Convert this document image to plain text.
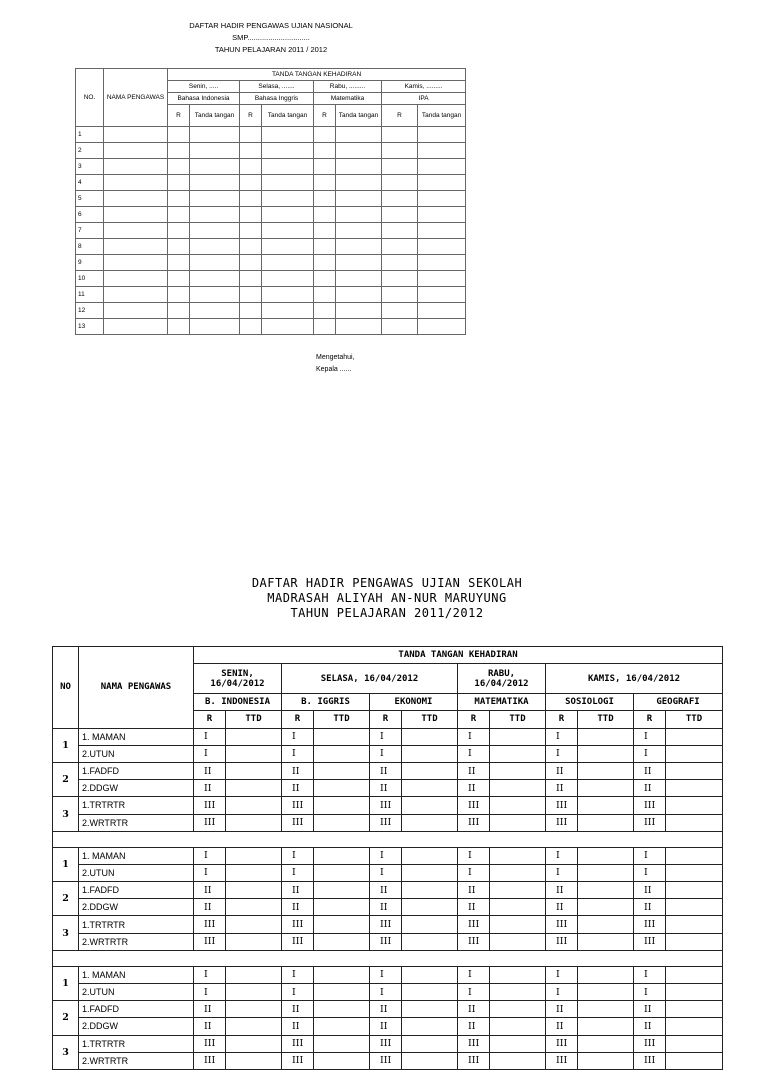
DAFTAR HADIR PENGAWAS UJIAN NASIONAL
SMP..............................
TAHUN PELAJARAN 2011 / 2012
NO.	NAMA PENGAWAS	TANDA TANGAN KEHADIRAN							
		Senin, .....		Selasa, .......		Rabu, .........		Kamis, .........	
		Bahasa Indonesia		Bahasa Inggris		Matematika		IPA	
		R	Tanda tangan	R	Tanda tangan	R	Tanda tangan	R	Tanda tangan
1									
2									
3									
4									
5									
6									
7									
8									
9									
10									
11									
12									
13									
Mengetahui,
Kepala ......
DAFTAR HADIR PENGAWAS UJIAN SEKOLAH
MADRASAH ALIYAH AN-NUR MARUYUNG
TAHUN PELAJARAN 2011/2012
NO	NAMA PENGAWAS	TANDA TANGAN KEHADIRAN											
		SENIN, 16/04/2012		SELASA, 16/04/2012				RABU, 16/04/2012		KAMIS, 16/04/2012			
		B. INDONESIA		B. IGGRIS		EKONOMI		MATEMATIKA		SOSIOLOGI		GEOGRAFI	
		R	TTD	R	TTD	R	TTD	R	TTD	R	TTD	R	TTD
1	1. MAMAN	I		I		I		I		I		I	
	2.UTUN	I		I		I		I		I		I	
2	1.FADFD	II		II		II		II		II		II	
	2.DDGW	II		II		II		II		II		II	
3	1.TRTRTR	III		III		III		III		III		III	
	2.WRTRTR	III		III		III		III		III		III	

1	1. MAMAN	I		I		I		I		I		I	
	2.UTUN	I		I		I		I		I		I	
2	1.FADFD	II		II		II		II		II		II	
	2.DDGW	II		II		II		II		II		II	
3	1.TRTRTR	III		III		III		III		III		III	
	2.WRTRTR	III		III		III		III		III		III	

1	1. MAMAN	I		I		I		I		I		I	
	2.UTUN	I		I		I		I		I		I	
2	1.FADFD	II		II		II		II		II		II	
	2.DDGW	II		II		II		II		II		II	
3	1.TRTRTR	III		III		III		III		III		III	
	2.WRTRTR	III		III		III		III		III		III	
